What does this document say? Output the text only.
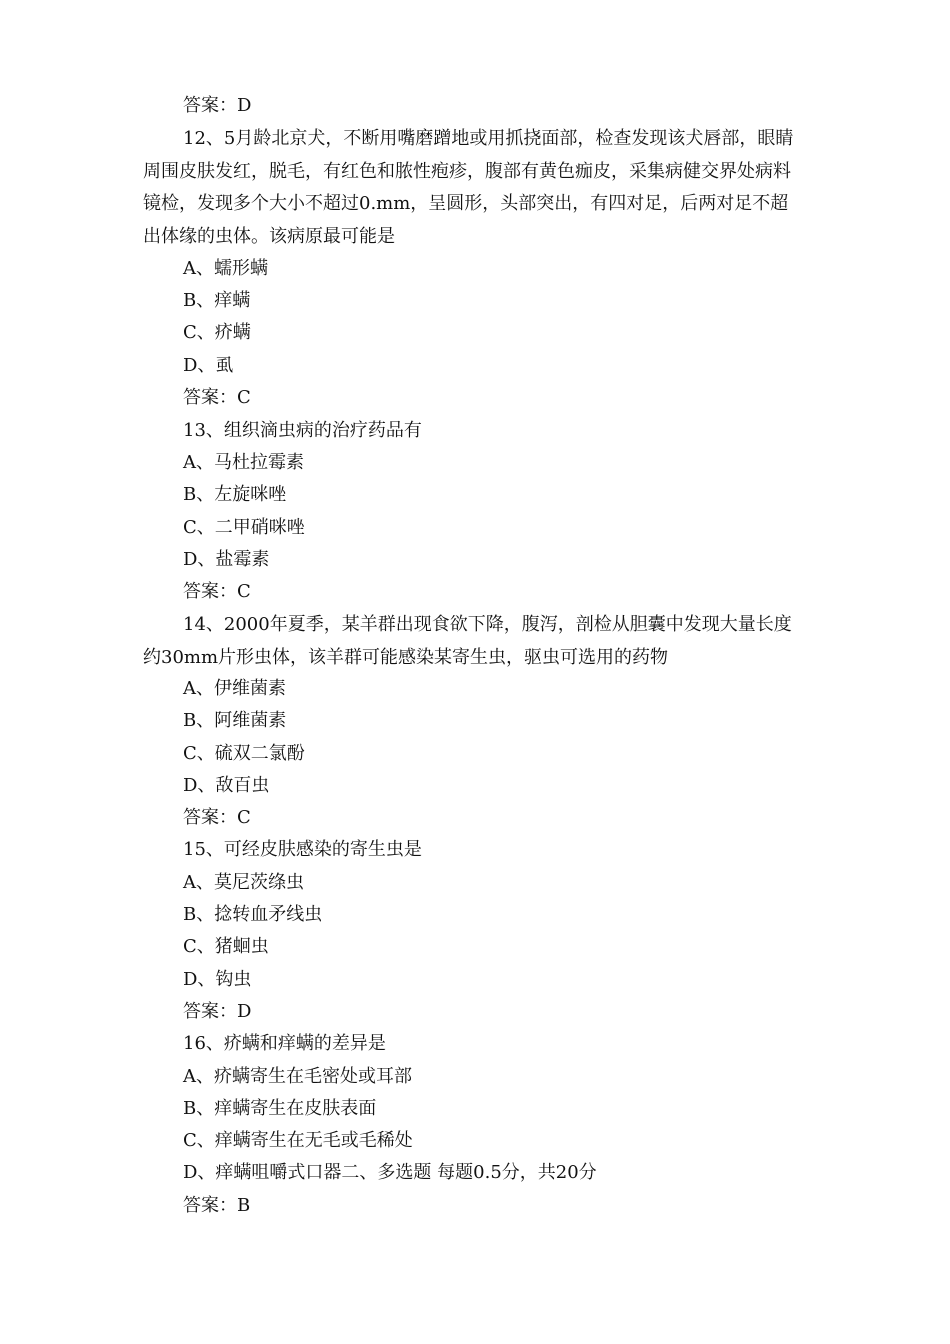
答案：D
12、5月龄北京犬，不断用嘴磨蹭地或用抓挠面部，检查发现该犬唇部，眼睛周围皮肤发红，脱毛，有红色和脓性疱疹，腹部有黄色痂皮，采集病健交界处病料镜检，发现多个大小不超过0.mm，呈圆形，头部突出，有四对足，后两对足不超出体缘的虫体。该病原最可能是
A、蠕形螨
B、痒螨
C、疥螨
D、虱
答案：C
13、组织滴虫病的治疗药品有
A、马杜拉霉素
B、左旋咪唑
C、二甲硝咪唑
D、盐霉素
答案：C
14、2000年夏季，某羊群出现食欲下降，腹泻，剖检从胆囊中发现大量长度约30mm片形虫体，该羊群可能感染某寄生虫，驱虫可选用的药物
A、伊维菌素
B、阿维菌素
C、硫双二氯酚
D、敌百虫
答案：C
15、可经皮肤感染的寄生虫是
A、莫尼茨绦虫
B、捻转血矛线虫
C、猪蛔虫
D、钩虫
答案：D
16、疥螨和痒螨的差异是
A、疥螨寄生在毛密处或耳部
B、痒螨寄生在皮肤表面
C、痒螨寄生在无毛或毛稀处
D、痒螨咀嚼式口器二、多选题 每题0.5分，共20分
答案：B
